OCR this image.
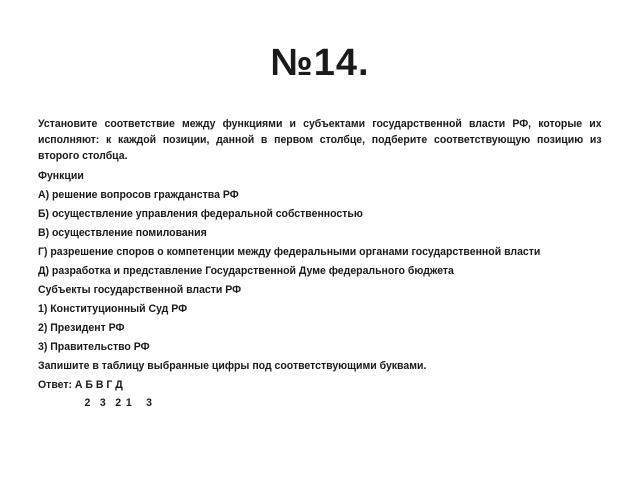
№14.

Установите соответствие между функциями и субъектами государственной власти РФ, которые их исполняют: к каждой позиции, данной в первом столбце, подберите соответствующую позицию из второго столбца.

Функции

А) решение вопросов гражданства РФ

Б) осуществление управления федеральной собственностью

В) осуществление помилования

Г) разрешение споров о компетенции между федеральными органами государственной власти

Д) разработка и представление Государственной Думе федерального бюджета

Субъекты государственной власти РФ

1) Конституционный Суд РФ

2) Президент РФ

3) Правительство РФ

Запишите в таблицу выбранные цифры под соответствующими буквами.

Ответ: А Б В Г Д

2  3  2 1   3
